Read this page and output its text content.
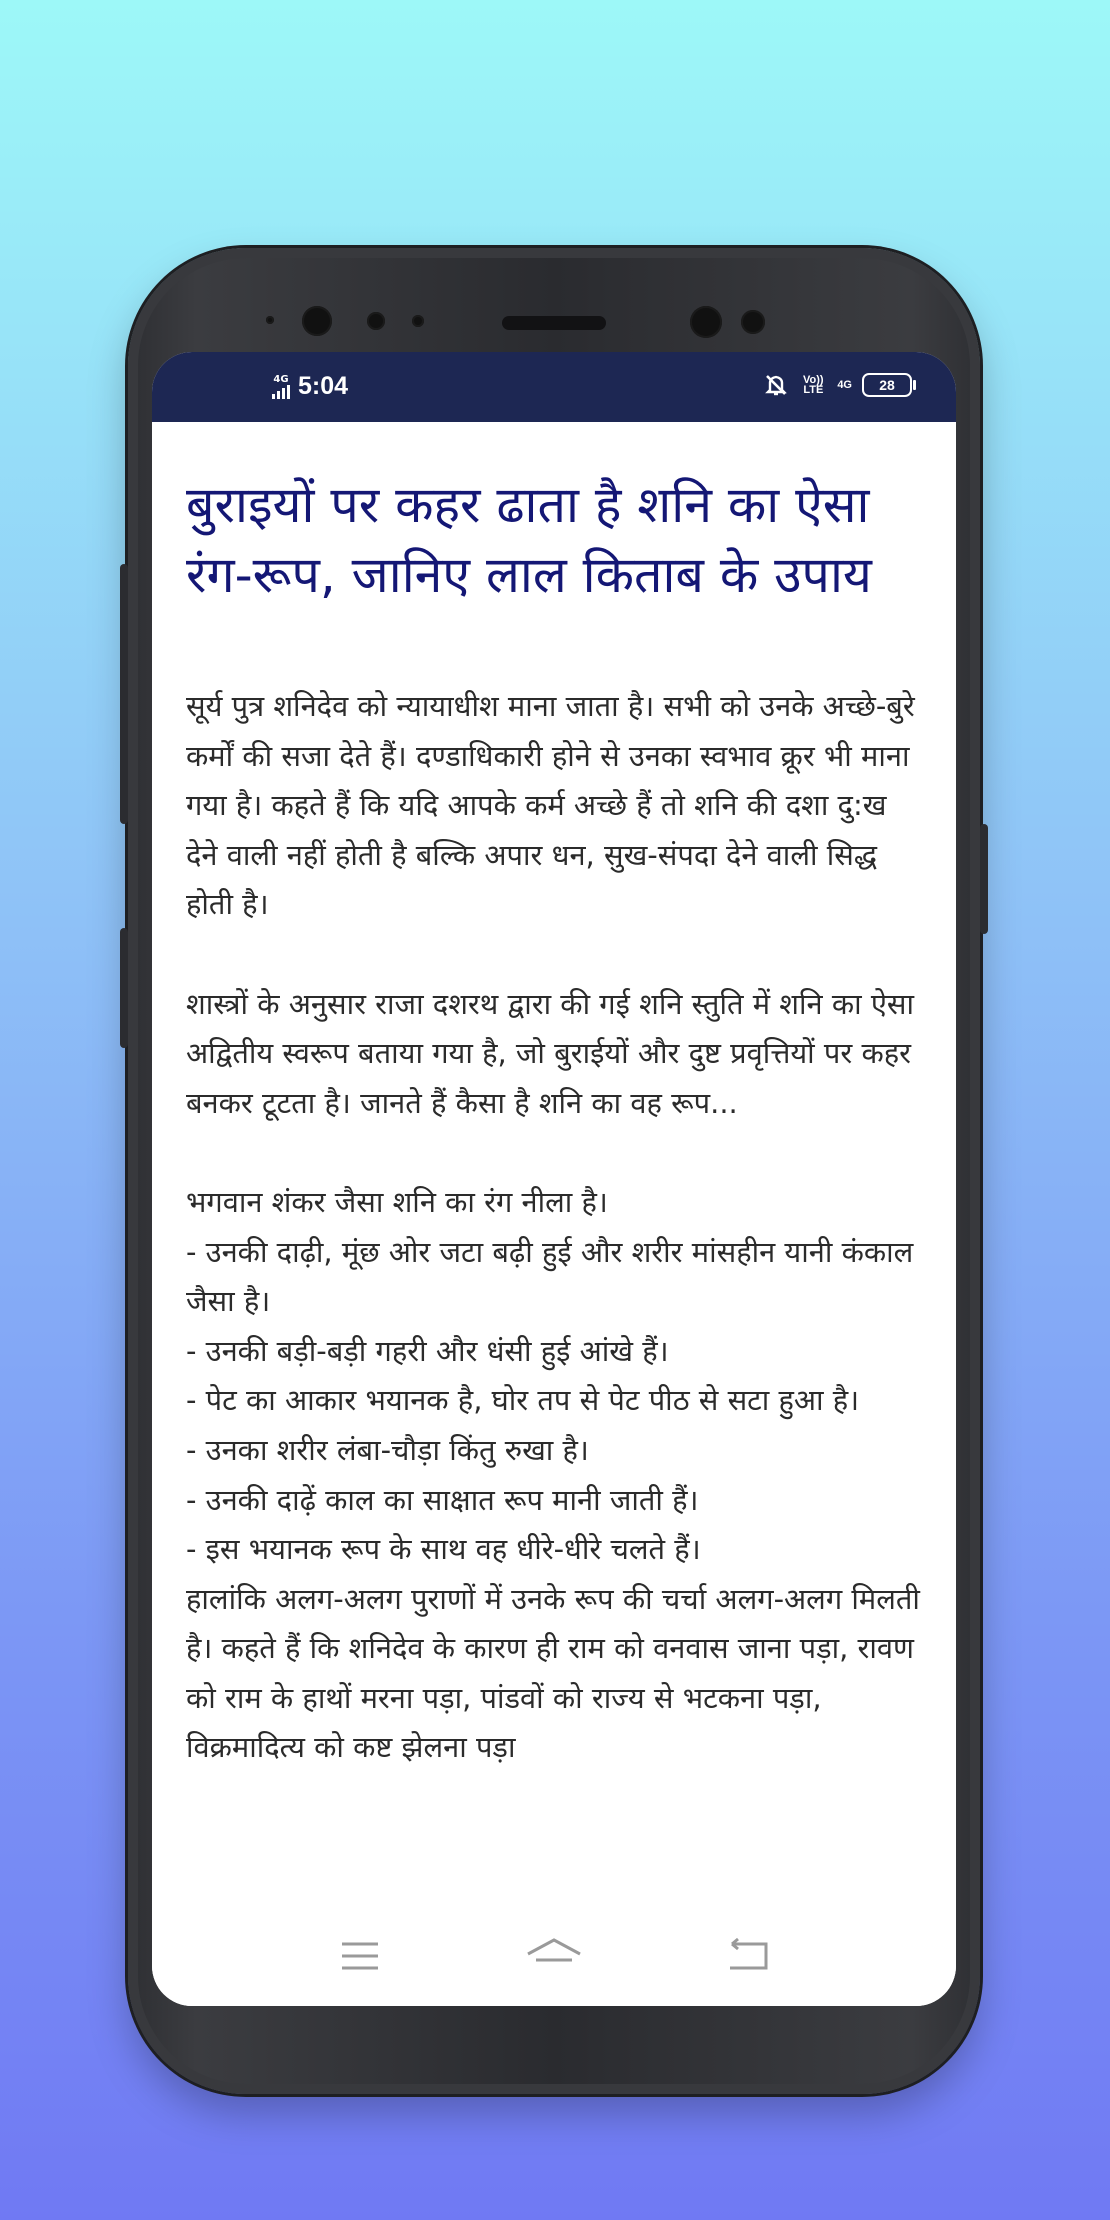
4G 5:04	Vo)) LTE	4G	28
बुराइयों पर कहर ढाता है शनि का ऐसा रंग-रूप, जानिए लाल किताब के उपाय

सूर्य पुत्र शनिदेव को न्यायाधीश माना जाता है। सभी को उनके अच्छे-बुरे कर्मों की सजा देते हैं। दण्डाधिकारी होने से उनका स्वभाव क्रूर भी माना गया है। कहते हैं कि यदि आपके कर्म अच्छे हैं तो शनि की दशा दु:ख देने वाली नहीं होती है बल्कि अपार धन, सुख-संपदा देने वाली सिद्ध होती है।

शास्त्रों के अनुसार राजा दशरथ द्वारा की गई शनि स्तुति में शनि का ऐसा अद्वितीय स्वरूप बताया गया है, जो बुराईयों और दुष्ट प्रवृत्तियों पर कहर बनकर टूटता है। जानते हैं कैसा है शनि का वह रूप...

भगवान शंकर जैसा शनि का रंग नीला है।

- उनकी दाढ़ी, मूंछ ओर जटा बढ़ी हुई और शरीर मांसहीन यानी कंकाल जैसा है।

- उनकी बड़ी-बड़ी गहरी और धंसी हुई आंखे हैं।

- पेट का आकार भयानक है, घोर तप से पेट पीठ से सटा हुआ है।

- उनका शरीर लंबा-चौड़ा किंतु रुखा है।

- उनकी दाढ़ें काल का साक्षात रूप मानी जाती हैं।

- इस भयानक रूप के साथ वह धीरे-धीरे चलते हैं।

हालांकि अलग-अलग पुराणों में उनके रूप की चर्चा अलग-अलग मिलती है। कहते हैं कि शनिदेव के कारण ही राम को वनवास जाना पड़ा, रावण को राम के हाथों मरना पड़ा, पांडवों को राज्य से भटकना पड़ा, विक्रमादित्य को कष्ट झेलना पड़ा
